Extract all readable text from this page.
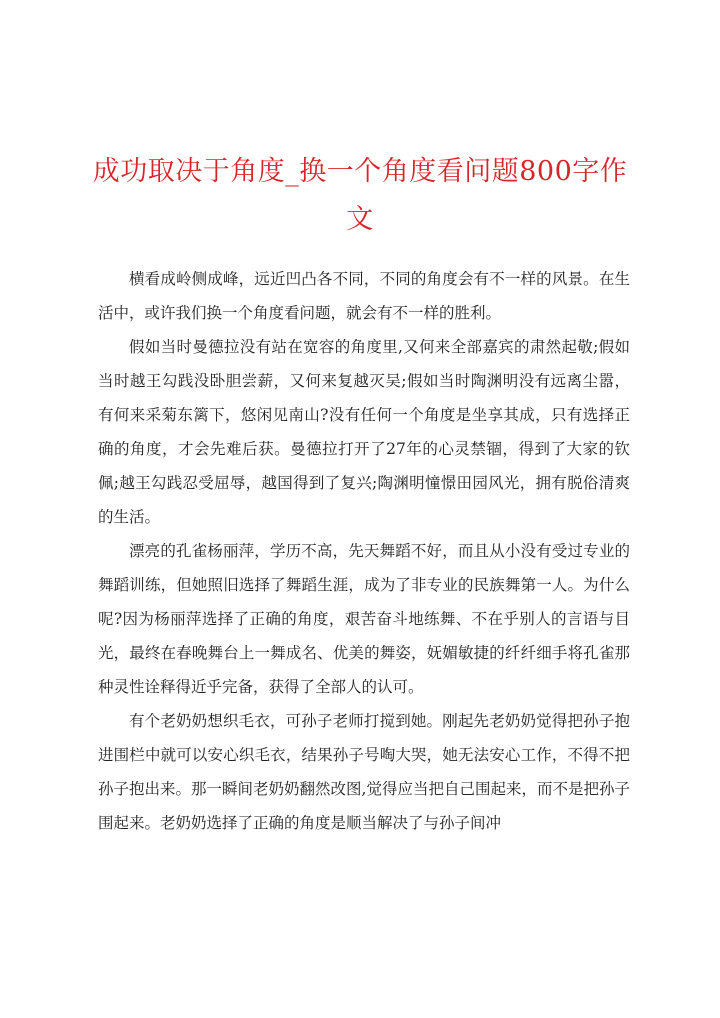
成功取决于角度_换一个角度看问题800字作文

横看成岭侧成峰，远近凹凸各不同，不同的角度会有不一样的风景。在生活中，或许我们换一个角度看问题，就会有不一样的胜利。

假如当时曼德拉没有站在宽容的角度里,又何来全部嘉宾的肃然起敬;假如当时越王勾践没卧胆尝薪，又何来复越灭吴;假如当时陶渊明没有远离尘嚣，有何来采菊东篱下，悠闲见南山?没有任何一个角度是坐享其成，只有选择正确的角度，才会先难后获。曼德拉打开了27年的心灵禁锢，得到了大家的钦佩;越王勾践忍受屈辱，越国得到了复兴;陶渊明憧憬田园风光，拥有脱俗清爽的生活。

漂亮的孔雀杨丽萍，学历不高，先天舞蹈不好，而且从小没有受过专业的舞蹈训练，但她照旧选择了舞蹈生涯，成为了非专业的民族舞第一人。为什么呢?因为杨丽萍选择了正确的角度，艰苦奋斗地练舞、不在乎别人的言语与目光，最终在春晚舞台上一舞成名、优美的舞姿，妩媚敏捷的纤纤细手将孔雀那种灵性诠释得近乎完备，获得了全部人的认可。

有个老奶奶想织毛衣，可孙子老师打搅到她。刚起先老奶奶觉得把孙子抱进围栏中就可以安心织毛衣，结果孙子号啕大哭，她无法安心工作，不得不把孙子抱出来。那一瞬间老奶奶翻然改图,觉得应当把自己围起来，而不是把孙子围起来。老奶奶选择了正确的角度是顺当解决了与孙子间冲
